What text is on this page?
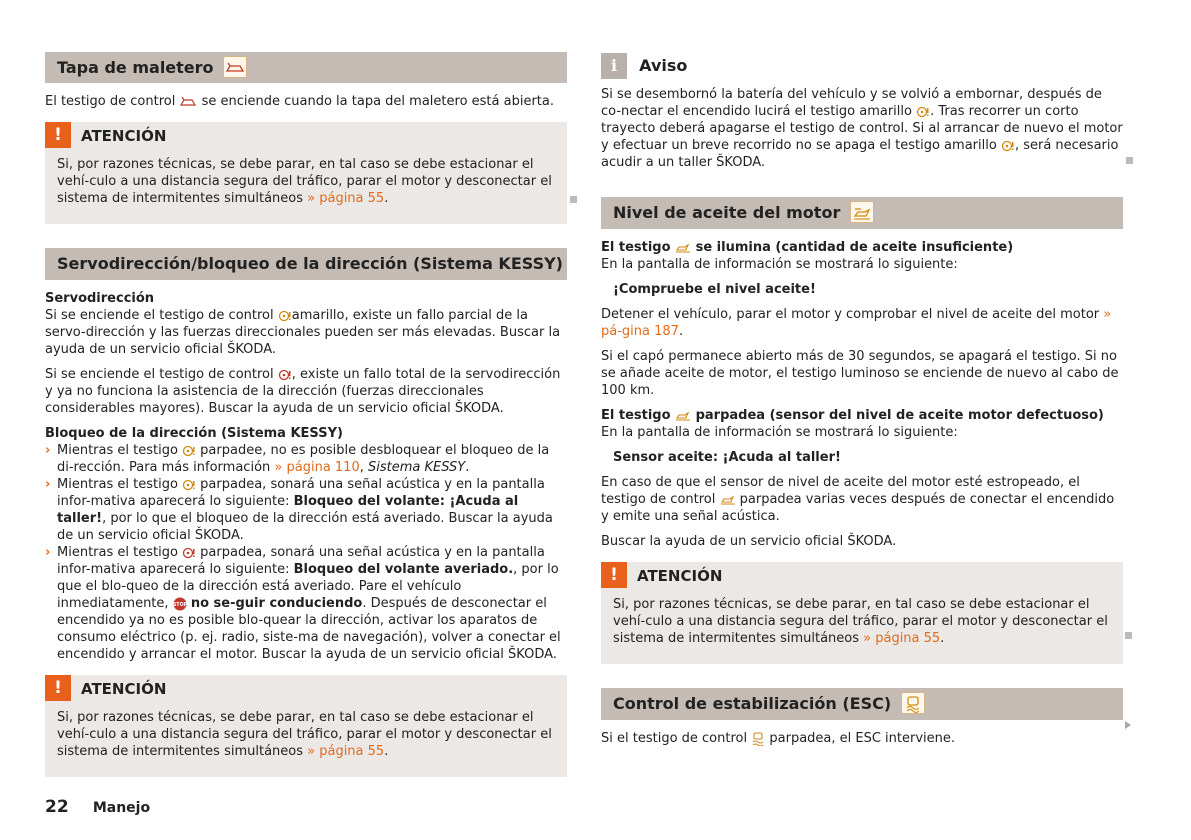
Tapa de maletero

El testigo de control  se enciende cuando la tapa del maletero está abierta.

! ATENCIÓN

Si, por razones técnicas, se debe parar, en tal caso se debe estacionar el vehí-culo a una distancia segura del tráfico, parar el motor y desconectar el sistema de intermitentes simultáneos » página 55.

Servodirección/bloqueo de la dirección (Sistema KESSY)

Servodirección

Si se enciende el testigo de control amarillo, existe un fallo parcial de la servo-dirección y las fuerzas direccionales pueden ser más elevadas. Buscar la ayuda de un servicio oficial ŠKODA.

Si se enciende el testigo de control , existe un fallo total de la servodirección y ya no funciona la asistencia de la dirección (fuerzas direccionales considerables mayores). Buscar la ayuda de un servicio oficial ŠKODA.

Bloqueo de la dirección (Sistema KESSY)

› Mientras el testigo  parpadee, no es posible desbloquear el bloqueo de la di-rección. Para más información » página 110, Sistema KESSY.
› Mientras el testigo  parpadea, sonará una señal acústica y en la pantalla infor-mativa aparecerá lo siguiente: Bloqueo del volante: ¡Acuda al taller!, por lo que el bloqueo de la dirección está averiado. Buscar la ayuda de un servicio oficial ŠKODA.
› Mientras el testigo  parpadea, sonará una señal acústica y en la pantalla infor-mativa aparecerá lo siguiente: Bloqueo del volante averiado., por lo que el blo-queo de la dirección está averiado. Pare el vehículo inmediatamente, STOP no se-guir conduciendo. Después de desconectar el encendido ya no es posible blo-quear la dirección, activar los aparatos de consumo eléctrico (p. ej. radio, siste-ma de navegación), volver a conectar el encendido y arrancar el motor. Buscar la ayuda de un servicio oficial ŠKODA.
! ATENCIÓN

Si, por razones técnicas, se debe parar, en tal caso se debe estacionar el vehí-culo a una distancia segura del tráfico, parar el motor y desconectar el sistema de intermitentes simultáneos » página 55.

i Aviso

Si se desembornó la batería del vehículo y se volvió a embornar, después de co-nectar el encendido lucirá el testigo amarillo . Tras recorrer un corto trayecto deberá apagarse el testigo de control. Si al arrancar de nuevo el motor y efectuar un breve recorrido no se apaga el testigo amarillo , será necesario acudir a un taller ŠKODA.

Nivel de aceite del motor

El testigo  se ilumina (cantidad de aceite insuficiente)

En la pantalla de información se mostrará lo siguiente:

¡Compruebe el nivel aceite!

Detener el vehículo, parar el motor y comprobar el nivel de aceite del motor » pá-gina 187.

Si el capó permanece abierto más de 30 segundos, se apagará el testigo. Si no se añade aceite de motor, el testigo luminoso se enciende de nuevo al cabo de 100 km.

El testigo  parpadea (sensor del nivel de aceite motor defectuoso)

En la pantalla de información se mostrará lo siguiente:

Sensor aceite: ¡Acuda al taller!

En caso de que el sensor de nivel de aceite del motor esté estropeado, el testigo de control  parpadea varias veces después de conectar el encendido y emite una señal acústica.

Buscar la ayuda de un servicio oficial ŠKODA.

! ATENCIÓN

Si, por razones técnicas, se debe parar, en tal caso se debe estacionar el vehí-culo a una distancia segura del tráfico, parar el motor y desconectar el sistema de intermitentes simultáneos » página 55.

Control de estabilización (ESC)

Si el testigo de control  parpadea, el ESC interviene.

22 Manejo
